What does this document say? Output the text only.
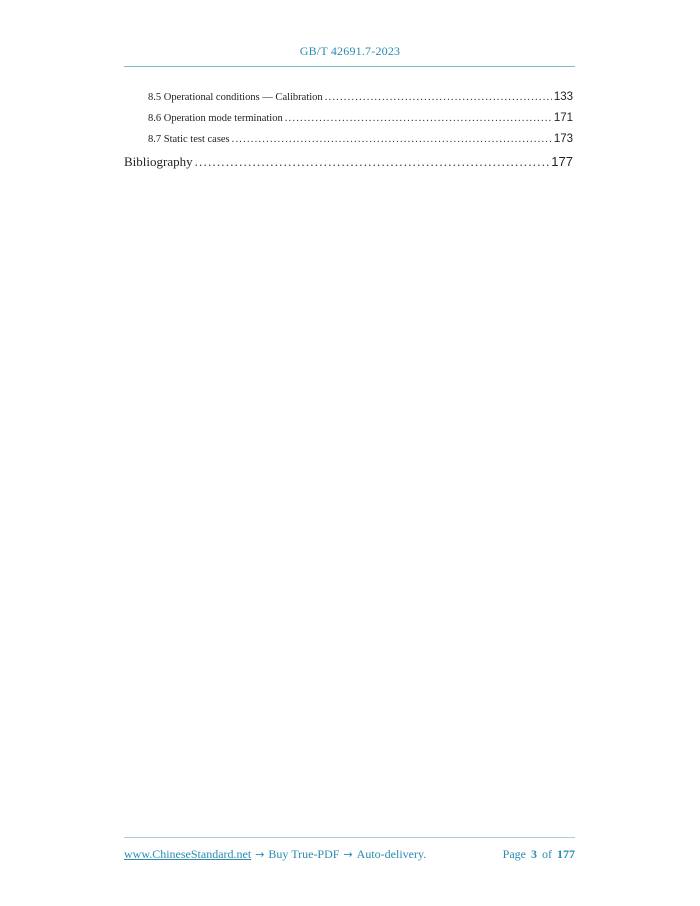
GB/T 42691.7-2023
8.5 Operational conditions — Calibration .....	133
8.6 Operation mode termination .....	171
8.7 Static test cases .....	173
Bibliography .....	177
www.ChineseStandard.net → Buy True-PDF → Auto-delivery.	Page 3 of 177
